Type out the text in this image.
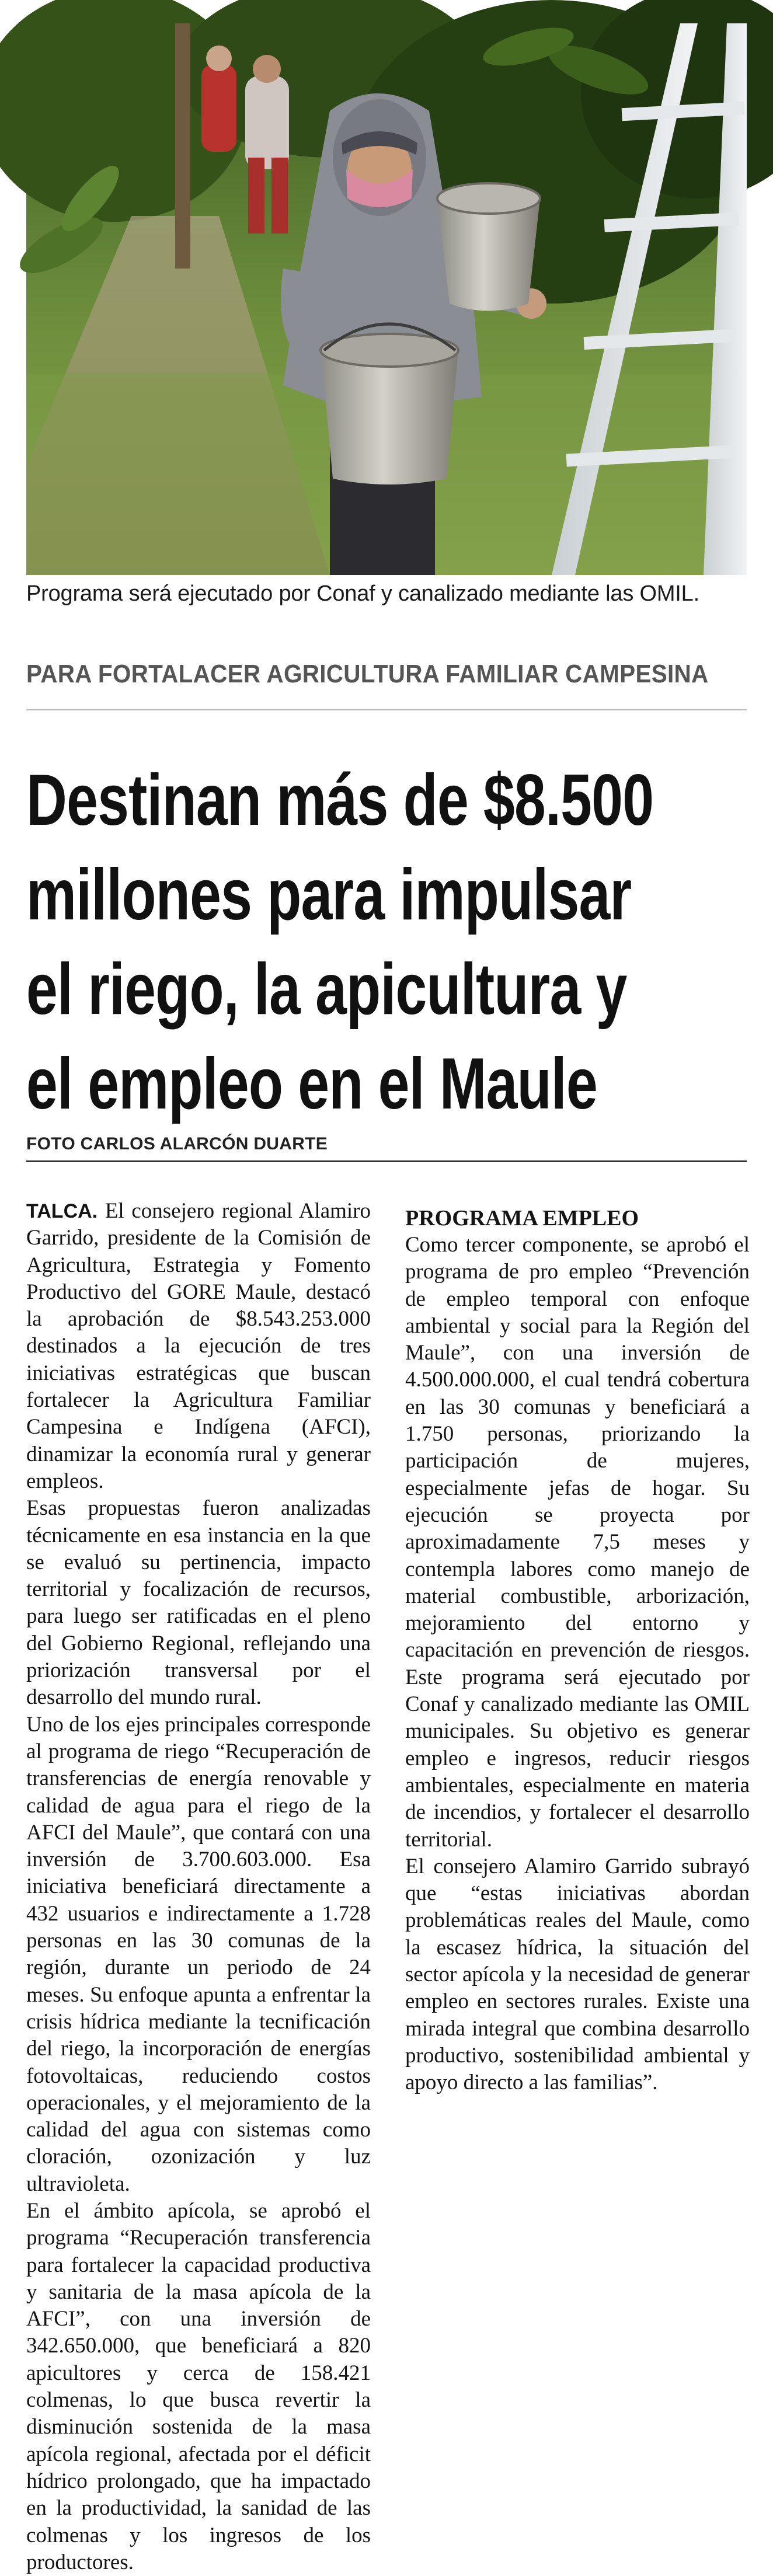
Programa será ejecutado por Conaf y canalizado mediante las OMIL.
PARA FORTALACER AGRICULTURA FAMILIAR CAMPESINA
Destinan más de $8.500
millones para impulsar
el riego, la apicultura y
el empleo en el Maule
FOTO CARLOS ALARCÓN DUARTE

TALCA. El consejero regional Alamiro Garrido, presidente de la Comisión de Agricultura, Estrategia y Fomento Productivo del GORE Maule, destacó la aprobación de $8.543.253.000 destinados a la ejecución de tres iniciativas estratégicas que buscan fortalecer la Agricultura Familiar Campesina e Indígena (AFCI), dinamizar la economía rural y generar empleos.

Esas propuestas fueron analizadas técnicamente en esa instancia en la que se evaluó su pertinencia, impacto territorial y focalización de recursos, para luego ser ratificadas en el pleno del Gobierno Regional, reflejando una priorización transversal por el desarrollo del mundo rural.

Uno de los ejes principales corresponde al programa de riego “Recuperación de transferencias de energía renovable y calidad de agua para el riego de la AFCI del Maule”, que contará con una inversión de 3.700.603.000. Esa iniciativa beneficiará directamente a 432 usuarios e indirectamente a 1.728 personas en las 30 comunas de la región, durante un periodo de 24 meses. Su enfoque apunta a enfrentar la crisis hídrica mediante la tecnificación del riego, la incorporación de energías fotovoltaicas, reduciendo costos operacionales, y el mejoramiento de la calidad del agua con sistemas como cloración, ozonización y luz ultravioleta.

En el ámbito apícola, se aprobó el programa “Recuperación transferencia para fortalecer la capacidad productiva y sanitaria de la masa apícola de la AFCI”, con una inversión de 342.650.000, que beneficiará a 820 apicultores y cerca de 158.421 colmenas, lo que busca revertir la disminución sostenida de la masa apícola regional, afectada por el déficit hídrico prolongado, que ha impactado en la productividad, la sanidad de las colmenas y los ingresos de los productores.

PROGRAMA EMPLEO

Como tercer componente, se aprobó el programa de pro empleo “Prevención de empleo temporal con enfoque ambiental y social para la Región del Maule”, con una inversión de 4.500.000.000, el cual tendrá cobertura en las 30 comunas y beneficiará a 1.750 personas, priorizando la participación de mujeres, especialmente jefas de hogar. Su ejecución se proyecta por aproximadamente 7,5 meses y contempla labores como manejo de material combustible, arborización, mejoramiento del entorno y capacitación en prevención de riesgos. Este programa será ejecutado por Conaf y canalizado mediante las OMIL municipales. Su objetivo es generar empleo e ingresos, reducir riesgos ambientales, especialmente en materia de incendios, y fortalecer el desarrollo territorial.

El consejero Alamiro Garrido subrayó que “estas iniciativas abordan problemáticas reales del Maule, como la escasez hídrica, la situación del sector apícola y la necesidad de generar empleo en sectores rurales. Existe una mirada integral que combina desarrollo productivo, sostenibilidad ambiental y apoyo directo a las familias”.
